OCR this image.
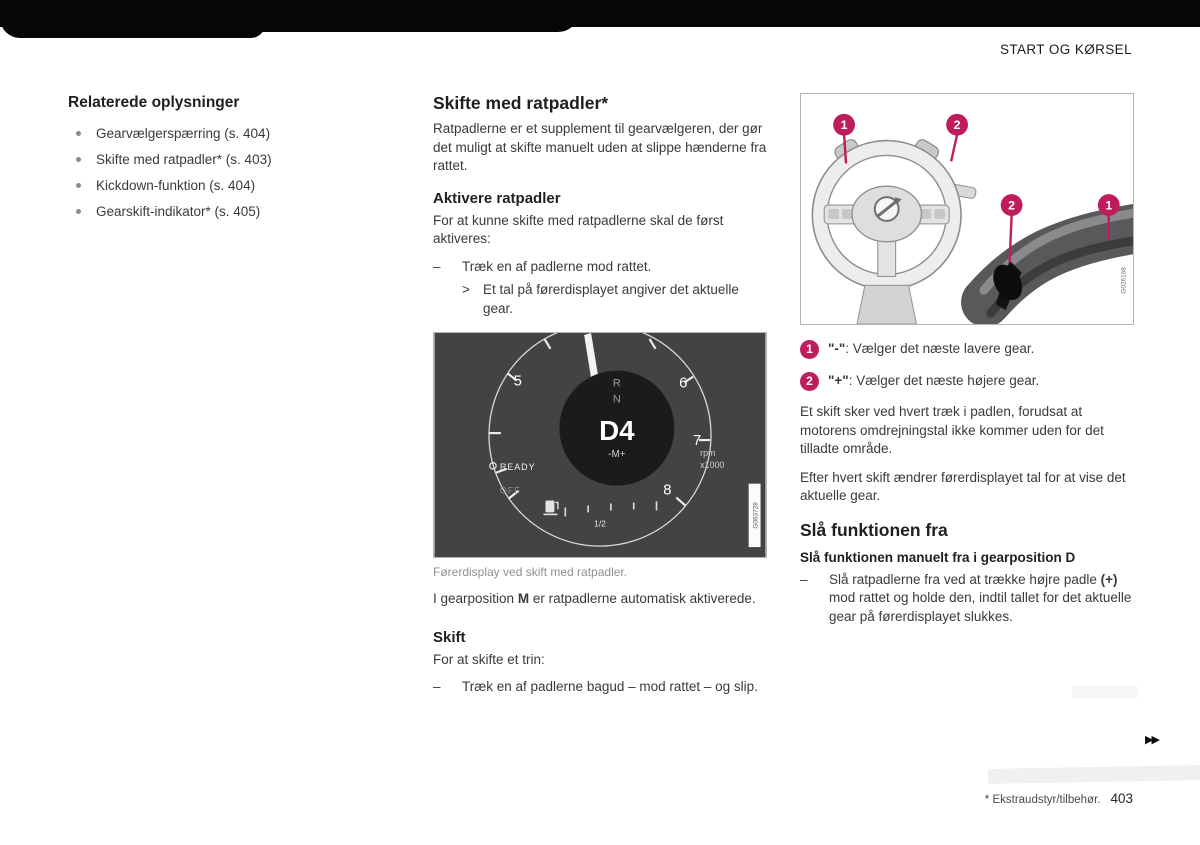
START OG KØRSEL
Relaterede oplysninger
Gearvælgerspærring (s. 404)
Skifte med ratpadler* (s. 403)
Kickdown-funktion (s. 404)
Gearskift-indikator* (s. 405)
Skifte med ratpadler*

Ratpadlerne er et supplement til gearvælgeren, der gør det muligt at skifte manuelt uden at slippe hænderne fra rattet.

Aktivere ratpadler

For at kunne skifte med ratpadlerne skal de først aktiveres:

–	Træk en af padlerne mod rattet.
> Et tal på førerdisplayet angiver det aktuelle gear.
5	6
7
8
R
N
D4
-M+
READY
OFF
rpm
x1000
1/2	G063728
Førerdisplay ved skift med ratpadler.

I gearposition M er ratpadlerne automatisk aktiverede.

Skift

For at skifte et trin:

–	Træk en af padlerne bagud – mod rattet – og slip.
1	2
2	1
G026168
1 "-": Vælger det næste lavere gear.
2 "+": Vælger det næste højere gear.

Et skift sker ved hvert træk i padlen, forudsat at motorens omdrejningstal ikke kommer uden for det tilladte område.

Efter hvert skift ændrer førerdisplayet tal for at vise det aktuelle gear.

Slå funktionen fra
Slå funktionen manuelt fra i gearposition D
–	Slå ratpadlerne fra ved at trække højre padle (+) mod rattet og holde den, indtil tallet for det aktuelle gear på førerdisplayet slukkes.
▶▶
* Ekstraudstyr/tilbehør. 403
